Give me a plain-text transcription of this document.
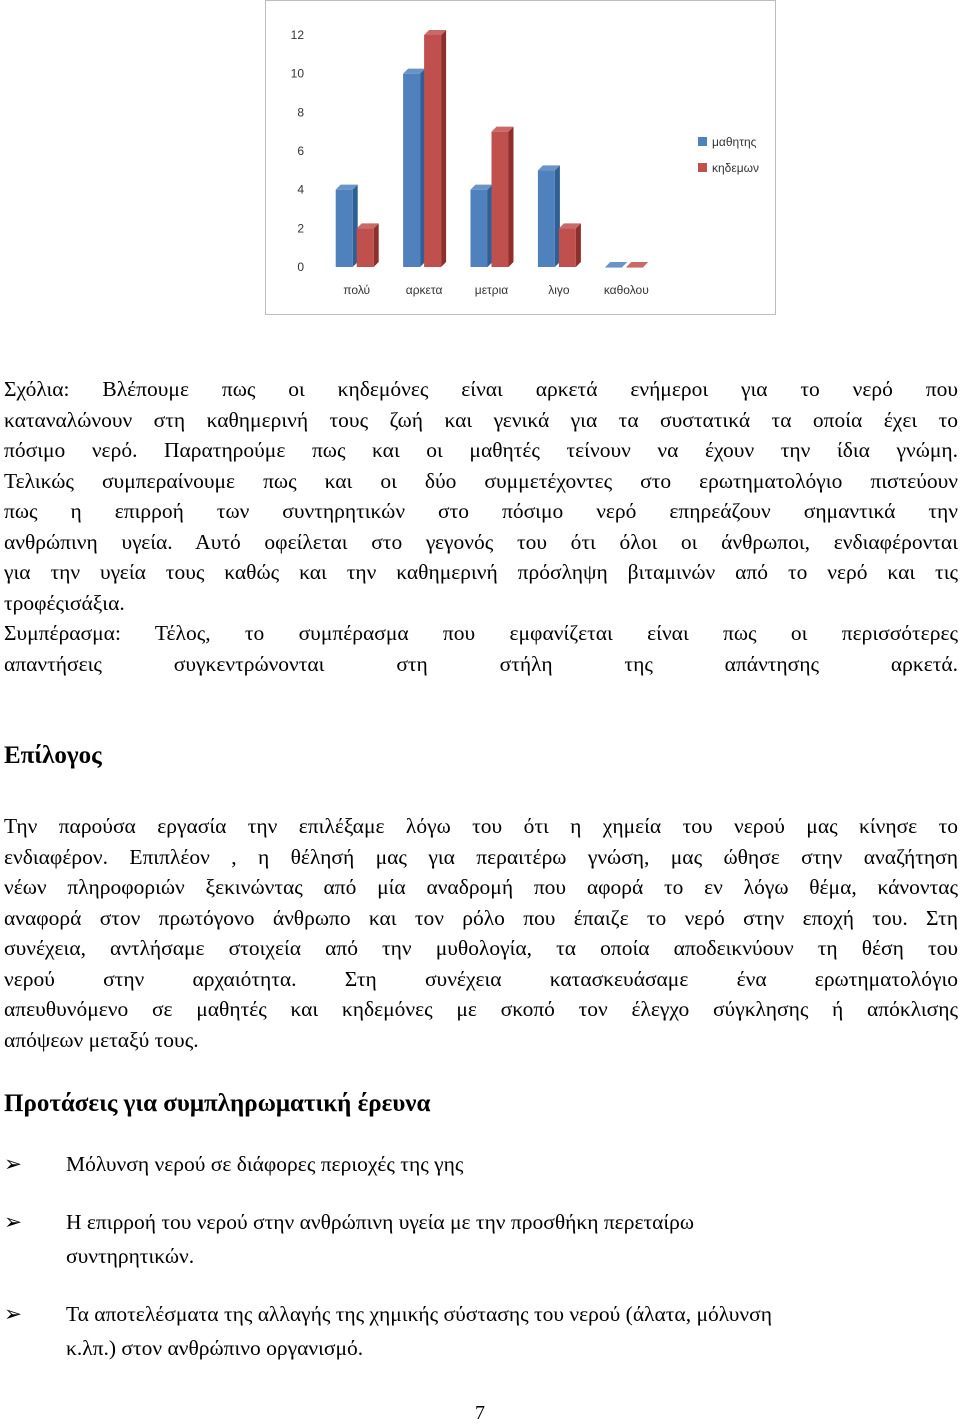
0
2
4
6
8
10
12
πολύ	αρκετα	μετρια	λιγο	καθολου
μαθητης
κηδεμων
Σχόλια: Βλέπουμε πως οι κηδεμόνες είναι αρκετά ενήμεροι για το νερό που
καταναλώνουν στη καθημερινή τους ζωή και γενικά για τα συστατικά τα οποία έχει το
πόσιμο νερό. Παρατηρούμε πως και οι μαθητές τείνουν να έχουν την ίδια γνώμη.
Τελικώς συμπεραίνουμε πως και οι δύο συμμετέχοντες στο ερωτηματολόγιο πιστεύουν
πως η επιρροή των συντηρητικών στο πόσιμο νερό επηρεάζουν σημαντικά την
ανθρώπινη υγεία. Αυτό οφείλεται στο γεγονός του ότι όλοι οι άνθρωποι, ενδιαφέρονται
για την υγεία τους καθώς και την καθημερινή πρόσληψη βιταμινών από το νερό και τις
τροφέςισάξια.
Συμπέρασμα: Τέλος, το συμπέρασμα που εμφανίζεται είναι πως οι περισσότερες
απαντήσεις συγκεντρώνονται στη στήλη της απάντησης αρκετά.
Επίλογος
Την παρούσα εργασία την επιλέξαμε λόγω του ότι η χημεία του νερού μας κίνησε το
ενδιαφέρον. Επιπλέον , η θέλησή μας για περαιτέρω γνώση, μας ώθησε στην αναζήτηση
νέων πληροφοριών ξεκινώντας από μία αναδρομή που αφορά το εν λόγω θέμα, κάνοντας
αναφορά στον πρωτόγονο άνθρωπο και τον ρόλο που έπαιζε το νερό στην εποχή του. Στη
συνέχεια, αντλήσαμε στοιχεία από την μυθολογία, τα οποία αποδεικνύουν τη θέση του
νερού στην αρχαιότητα. Στη συνέχεια κατασκευάσαμε ένα ερωτηματολόγιο
απευθυνόμενο σε μαθητές και κηδεμόνες με σκοπό τον έλεγχο σύγκλησης ή απόκλισης
απόψεων μεταξύ τους.
Προτάσεις για συμπληρωματική έρευνα
➢	Μόλυνση νερού σε διάφορες περιοχές της γης
➢	Η επιρροή του νερού στην ανθρώπινη υγεία με την προσθήκη περεταίρω
συντηρητικών.
➢	Τα αποτελέσματα της αλλαγής της χημικής σύστασης του νερού (άλατα, μόλυνση
κ.λπ.) στον ανθρώπινο οργανισμό.
7
